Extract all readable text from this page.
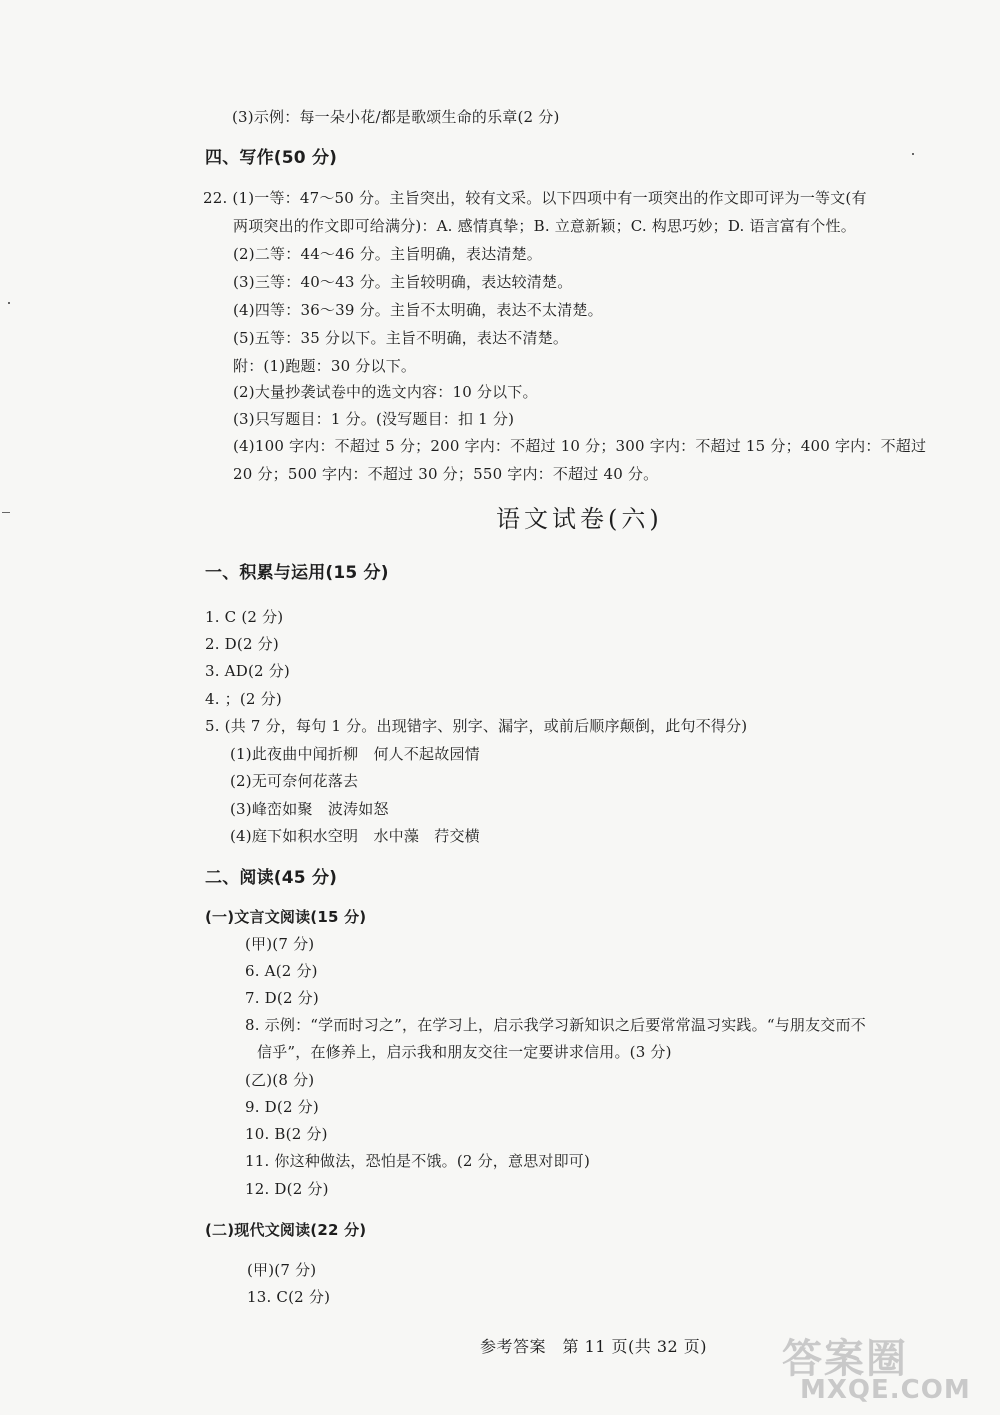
(3)示例：每一朵小花/都是歌颂生命的乐章(2 分)
四、写作(50 分)
22. (1)一等：47～50 分。主旨突出，较有文采。以下四项中有一项突出的作文即可评为一等文(有
两项突出的作文即可给满分)：A. 感情真挚；B. 立意新颖；C. 构思巧妙；D. 语言富有个性。
(2)二等：44～46 分。主旨明确，表达清楚。
(3)三等：40～43 分。主旨较明确，表达较清楚。
(4)四等：36～39 分。主旨不太明确，表达不太清楚。
(5)五等：35 分以下。主旨不明确，表达不清楚。
附：(1)跑题：30 分以下。
(2)大量抄袭试卷中的选文内容：10 分以下。
(3)只写题目：1 分。(没写题目：扣 1 分)
(4)100 字内：不超过 5 分；200 字内：不超过 10 分；300 字内：不超过 15 分；400 字内：不超过
20 分；500 字内：不超过 30 分；550 字内：不超过 40 分。
语文试卷(六)
一、积累与运用(15 分)
1. C (2 分)
2. D(2 分)
3. AD(2 分)
4. ；(2 分)
5. (共 7 分，每句 1 分。出现错字、别字、漏字，或前后顺序颠倒，此句不得分)
(1)此夜曲中闻折柳　何人不起故园情
(2)无可奈何花落去
(3)峰峦如聚　波涛如怒
(4)庭下如积水空明　水中藻　荇交横
二、阅读(45 分)
(一)文言文阅读(15 分)
(甲)(7 分)
6. A(2 分)
7. D(2 分)
8. 示例：“学而时习之”，在学习上，启示我学习新知识之后要常常温习实践。“与朋友交而不
信乎”，在修养上，启示我和朋友交往一定要讲求信用。(3 分)
(乙)(8 分)
9. D(2 分)
10. B(2 分)
11. 你这种做法，恐怕是不饿。(2 分，意思对即可)
12. D(2 分)
(二)现代文阅读(22 分)
(甲)(7 分)
13. C(2 分)
参考答案　第 11 页(共 32 页) 答案圈
MXQE.COM
